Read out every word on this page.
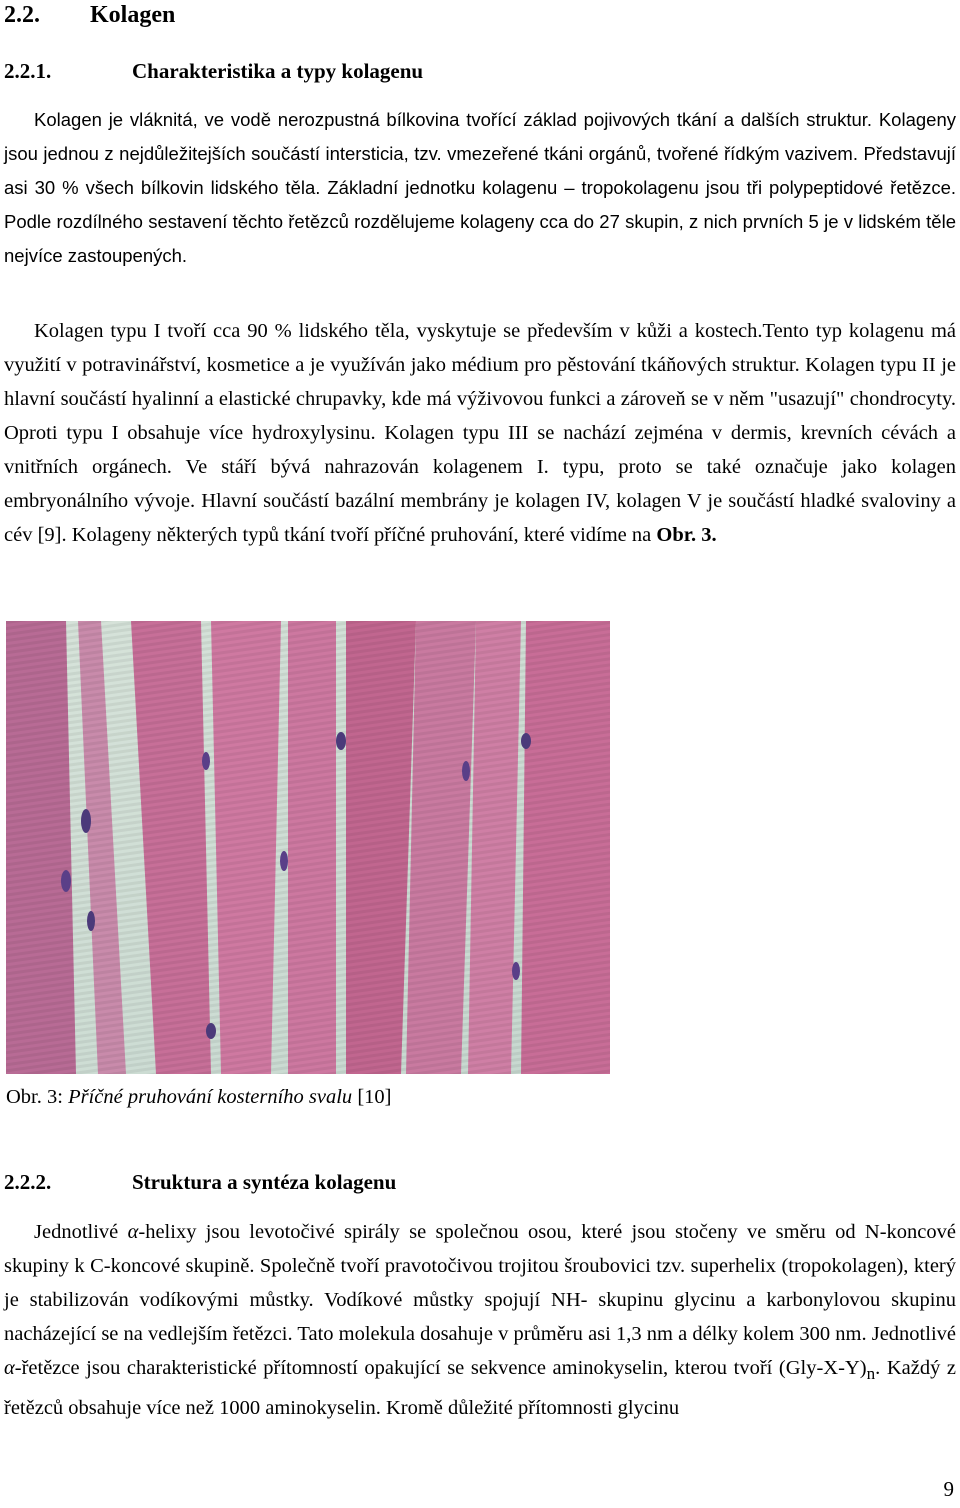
2.2. Kolagen
2.2.1.	Charakteristika a typy kolagenu

Kolagen je vláknitá, ve vodě nerozpustná bílkovina tvořící základ pojivových tkání a dalších struktur. Kolageny jsou jednou z nejdůležitejších součástí intersticia, tzv. vmezeřené tkáni orgánů, tvořené řídkým vazivem. Představují asi 30 % všech bílkovin lidského těla. Základní jednotku kolagenu – tropokolagenu jsou tři polypeptidové řetězce. Podle rozdílného sestavení těchto řetězců rozdělujeme kolageny cca do 27 skupin, z nich prvních 5 je v lidském těle nejvíce zastoupených.

Kolagen typu I tvoří cca 90 % lidského těla, vyskytuje se především v kůži a kostech.Tento typ kolagenu má využití v potravinářství, kosmetice a je využíván jako médium pro pěstování tkáňových struktur. Kolagen typu II je hlavní součástí hyalinní a elastické chrupavky, kde má výživovou funkci a zároveň se v něm "usazují" chondrocyty. Oproti typu I obsahuje více hydroxylysinu. Kolagen typu III se nachází zejména v dermis, krevních cévách a vnitřních orgánech. Ve stáří bývá nahrazován kolagenem I. typu, proto se také označuje jako kolagen embryonálního vývoje. Hlavní součástí bazální membrány je kolagen IV, kolagen V je součástí hladké svaloviny a cév [9]. Kolageny některých typů tkání tvoří příčné pruhování, které vidíme na Obr. 3.

Obr. 3: Příčné pruhování kosterního svalu [10]

2.2.2.	Struktura a syntéza kolagenu

Jednotlivé α-helixy jsou levotočivé spirály se společnou osou, které jsou stočeny ve směru od N-koncové skupiny k C-koncové skupině. Společně tvoří pravotočivou trojitou šroubovici tzv. superhelix (tropokolagen), který je stabilizován vodíkovými můstky. Vodíkové můstky spojují NH- skupinu glycinu a karbonylovou skupinu nacházející se na vedlejším řetězci. Tato molekula dosahuje v průměru asi 1,3 nm a délky kolem 300 nm. Jednotlivé α-řetězce jsou charakteristické přítomností opakující se sekvence aminokyselin, kterou tvoří $(Gly-X-Y)_n$. Každý z řetězců obsahuje více než 1000 aminokyselin. Kromě důležité přítomnosti glycinu

9
